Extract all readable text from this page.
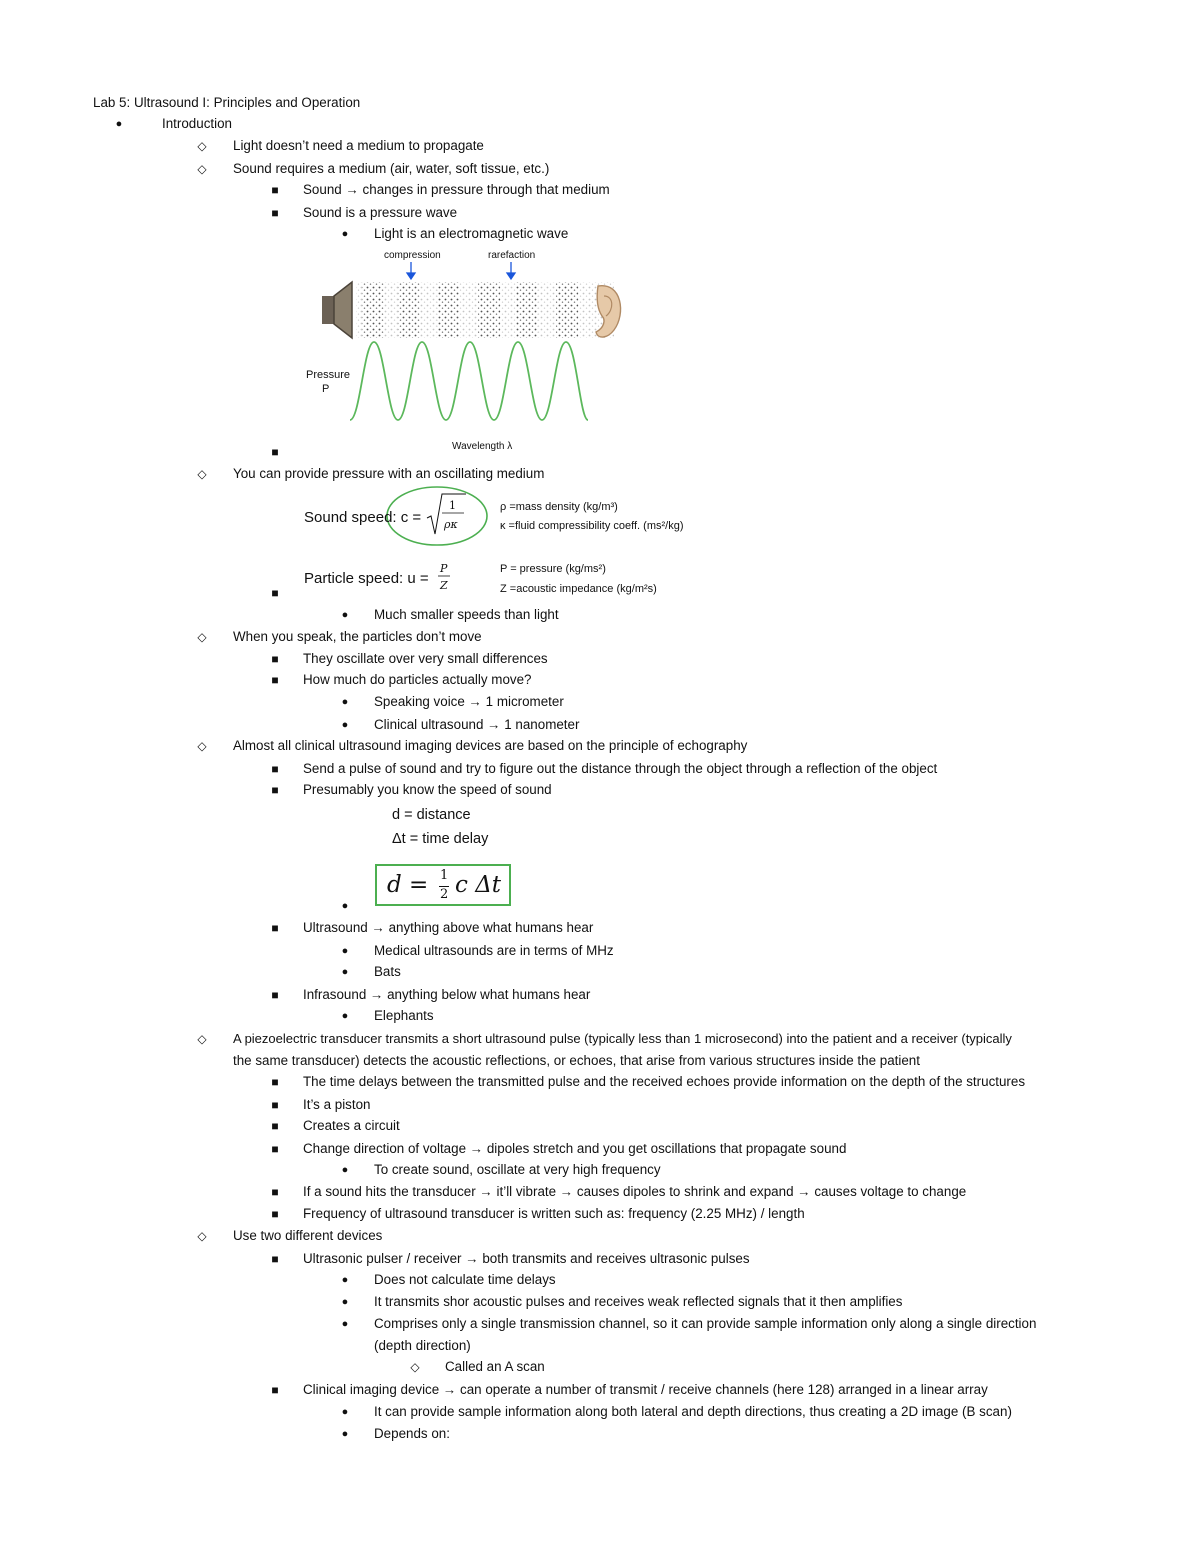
Lab 5: Ultrasound I: Principles and Operation
●	Introduction
◇ Light doesn’t need a medium to propagate
◇ Sound requires a medium (air, water, soft tissue, etc.)
■ Sound → changes in pressure through that medium
■ Sound is a pressure wave
● Light is an electromagnetic wave
compression	rarefaction
Pressure
P
Wavelength λ
■
◇ You can provide pressure with an oscillating medium
Sound speed: c =
1
ρκ
ρ =mass density (kg/m³)
κ =fluid compressibility coeff. (ms²/kg)
Particle speed: u =
P
Z
P = pressure (kg/ms²)
Z =acoustic impedance (kg/m²s)
■
● Much smaller speeds than light
◇ When you speak, the particles don’t move
■ They oscillate over very small differences
■ How much do particles actually move?
● Speaking voice → 1 micrometer
● Clinical ultrasound → 1 nanometer
◇ Almost all clinical ultrasound imaging devices are based on the principle of echography
■ Send a pulse of sound and try to figure out the distance through the object through a reflection of the object
■ Presumably you know the speed of sound
d = distance
Δt = time delay
d = 1
2 c Δt
●
■ Ultrasound → anything above what humans hear
● Medical ultrasounds are in terms of MHz
● Bats
■ Infrasound → anything below what humans hear
● Elephants
◇ A piezoelectric transducer transmits a short ultrasound pulse (typically less than 1 microsecond) into the patient and a receiver (typically
the same transducer) detects the acoustic reflections, or echoes, that arise from various structures inside the patient
■ The time delays between the transmitted pulse and the received echoes provide information on the depth of the structures
■ It’s a piston
■ Creates a circuit
■ Change direction of voltage → dipoles stretch and you get oscillations that propagate sound
● To create sound, oscillate at very high frequency
■ If a sound hits the transducer → it’ll vibrate → causes dipoles to shrink and expand → causes voltage to change
■ Frequency of ultrasound transducer is written such as: frequency (2.25 MHz) / length
◇ Use two different devices
■ Ultrasonic pulser / receiver → both transmits and receives ultrasonic pulses
● Does not calculate time delays
● It transmits shor acoustic pulses and receives weak reflected signals that it then amplifies
● Comprises only a single transmission channel, so it can provide sample information only along a single direction
(depth direction)
◇ Called an A scan
■ Clinical imaging device → can operate a number of transmit / receive channels (here 128) arranged in a linear array
● It can provide sample information along both lateral and depth directions, thus creating a 2D image (B scan)
● Depends on:
